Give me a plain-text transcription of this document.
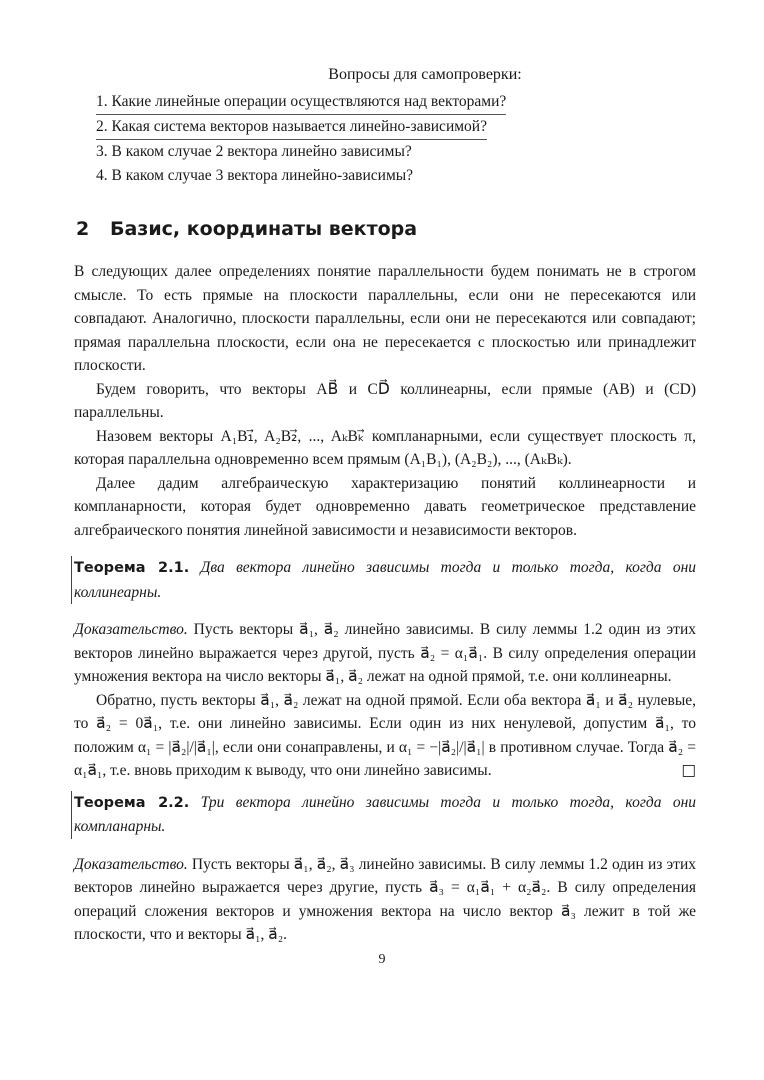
Вопросы для самопроверки:
1. Какие линейные операции осуществляются над векторами?
2. Какая система векторов называется линейно-зависимой?
3. В каком случае 2 вектора линейно зависимы?
4. В каком случае 3 вектора линейно-зависимы?
2 Базис, координаты вектора

В следующих далее определениях понятие параллельности будем понимать не в строгом смысле. То есть прямые на плоскости параллельны, если они не пересекаются или совпадают. Аналогично, плоскости параллельны, если они не пересекаются или совпадают; прямая параллельна плоскости, если она не пересекается с плоскостью или принадлежит плоскости.

Будем говорить, что векторы AB⃗ и CD⃗ коллинеарны, если прямые (AB) и (CD) параллельны.

Назовем векторы A₁B₁⃗, A₂B₂⃗, ..., AₖBₖ⃗ компланарными, если существует плоскость π, которая параллельна одновременно всем прямым (A₁B₁), (A₂B₂), ..., (AₖBₖ).

Далее дадим алгебраическую характеризацию понятий коллинеарности и компланарности, которая будет одновременно давать геометрическое представление алгебраического понятия линейной зависимости и независимости векторов.

Теорема 2.1. Два вектора линейно зависимы тогда и только тогда, когда они коллинеарны.

Доказательство. Пусть векторы a⃗₁, a⃗₂ линейно зависимы. В силу леммы 1.2 один из этих векторов линейно выражается через другой, пусть a⃗₂ = α₁a⃗₁. В силу определения операции умножения вектора на число векторы a⃗₁, a⃗₂ лежат на одной прямой, т.е. они коллинеарны.

Обратно, пусть векторы a⃗₁, a⃗₂ лежат на одной прямой. Если оба вектора a⃗₁ и a⃗₂ нулевые, то a⃗₂ = 0a⃗₁, т.е. они линейно зависимы. Если один из них ненулевой, допустим a⃗₁, то положим α₁ = |a⃗₂|/|a⃗₁|, если они сонаправлены, и α₁ = −|a⃗₂|/|a⃗₁| в противном случае. Тогда a⃗₂ = α₁a⃗₁, т.е. вновь приходим к выводу, что они линейно зависимы.	□

Теорема 2.2. Три вектора линейно зависимы тогда и только тогда, когда они компланарны.

Доказательство. Пусть векторы a⃗₁, a⃗₂, a⃗₃ линейно зависимы. В силу леммы 1.2 один из этих векторов линейно выражается через другие, пусть a⃗₃ = α₁a⃗₁ + α₂a⃗₂. В силу определения операций сложения векторов и умножения вектора на число вектор a⃗₃ лежит в той же плоскости, что и векторы a⃗₁, a⃗₂.

9
